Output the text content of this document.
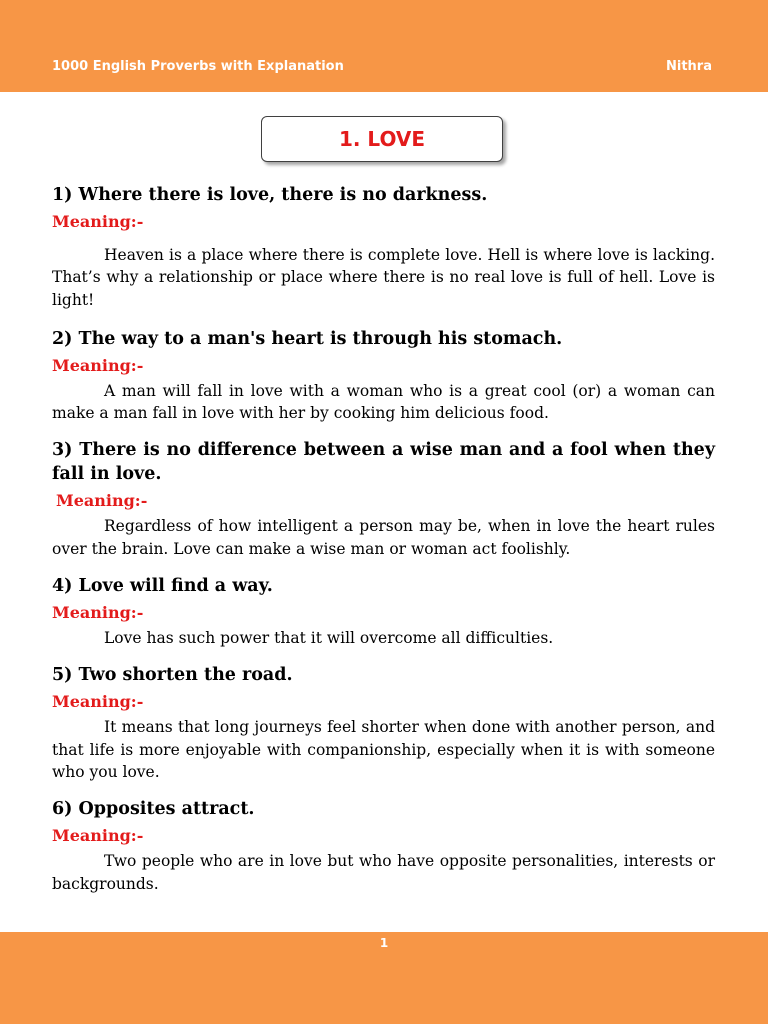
1000 English Proverbs with Explanation	Nithra
1. LOVE

1) Where there is love, there is no darkness.

Meaning:-

Heaven is a place where there is complete love. Hell is where love is lacking. That’s why a relationship or place where there is no real love is full of hell. Love is light!

2) The way to a man's heart is through his stomach.

Meaning:-

A man will fall in love with a woman who is a great cool (or) a woman can make a man fall in love with her by cooking him delicious food.

3) There is no difference between a wise man and a fool when they fall in love.

Meaning:-

Regardless of how intelligent a person may be, when in love the heart rules over the brain. Love can make a wise man or woman act foolishly.

4) Love will find a way.

Meaning:-

Love has such power that it will overcome all difficulties.

5) Two shorten the road.

Meaning:-

It means that long journeys feel shorter when done with another person, and that life is more enjoyable with companionship, especially when it is with someone who you love.

6) Opposites attract.

Meaning:-

Two people who are in love but who have opposite personalities, interests or backgrounds.

1
